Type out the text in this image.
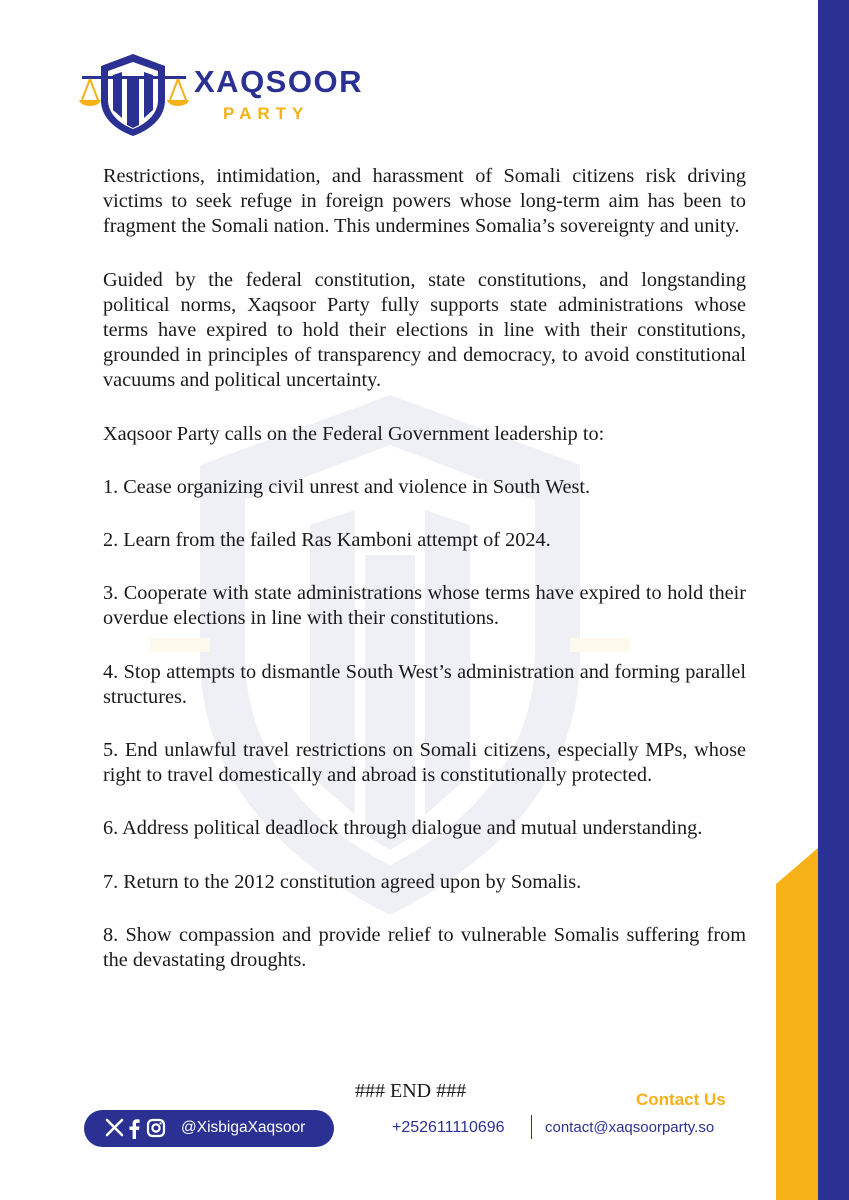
XAQSOOR
PARTY

Restrictions, intimidation, and harassment of Somali citizens risk driving victims to seek refuge in foreign powers whose long-term aim has been to fragment the Somali nation. This undermines Somalia’s sovereignty and unity.

Guided by the federal constitution, state constitutions, and longstanding political norms, Xaqsoor Party fully supports state administrations whose terms have expired to hold their elections in line with their constitutions, grounded in principles of transparency and democracy, to avoid constitutional vacuums and political uncertainty.

Xaqsoor Party calls on the Federal Government leadership to:

1. Cease organizing civil unrest and violence in South West.

2. Learn from the failed Ras Kamboni attempt of 2024.

3. Cooperate with state administrations whose terms have expired to hold their overdue elections in line with their constitutions.

4. Stop attempts to dismantle South West’s administration and forming parallel structures.

5. End unlawful travel restrictions on Somali citizens, especially MPs, whose right to travel domestically and abroad is constitutionally protected.

6. Address political deadlock through dialogue and mutual understanding.

7. Return to the 2012 constitution agreed upon by Somalis.

8. Show compassion and provide relief to vulnerable Somalis suffering from the devastating droughts.

### END ###
@XisbigaXaqsoor
Contact Us
+252611110696	contact@xaqsoorparty.so
